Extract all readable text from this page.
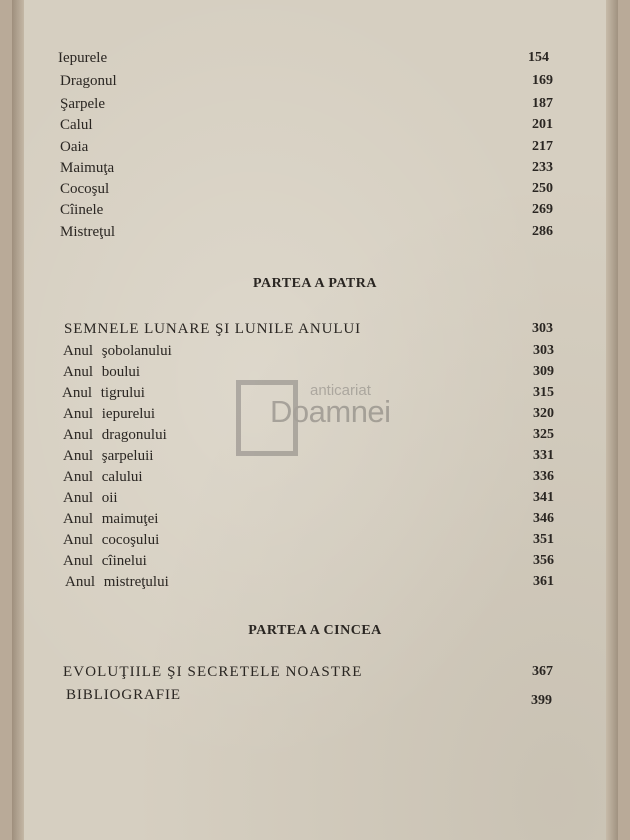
Iepurele	154
Dragonul	169
Şarpele	187
Calul	201
Oaia	217
Maimuţa	233
Cocoşul	250
Cîinele	269
Mistreţul	286
PARTEA A PATRA
SEMNELE LUNARE ŞI LUNILE ANULUI	303
Anul şobolanului	303
Anul boului	309
Anul tigrului	315
Anul iepurelui	320
Anul dragonului	325
Anul şarpeluii	331
Anul calului	336
Anul oii	341
Anul maimuţei	346
Anul cocoşului	351
Anul cîinelui	356
Anul mistreţului	361
PARTEA A CINCEA
EVOLUŢIILE ŞI SECRETELE NOASTRE	367
BIBLIOGRAFIE	399
anticariat
Doamnei
